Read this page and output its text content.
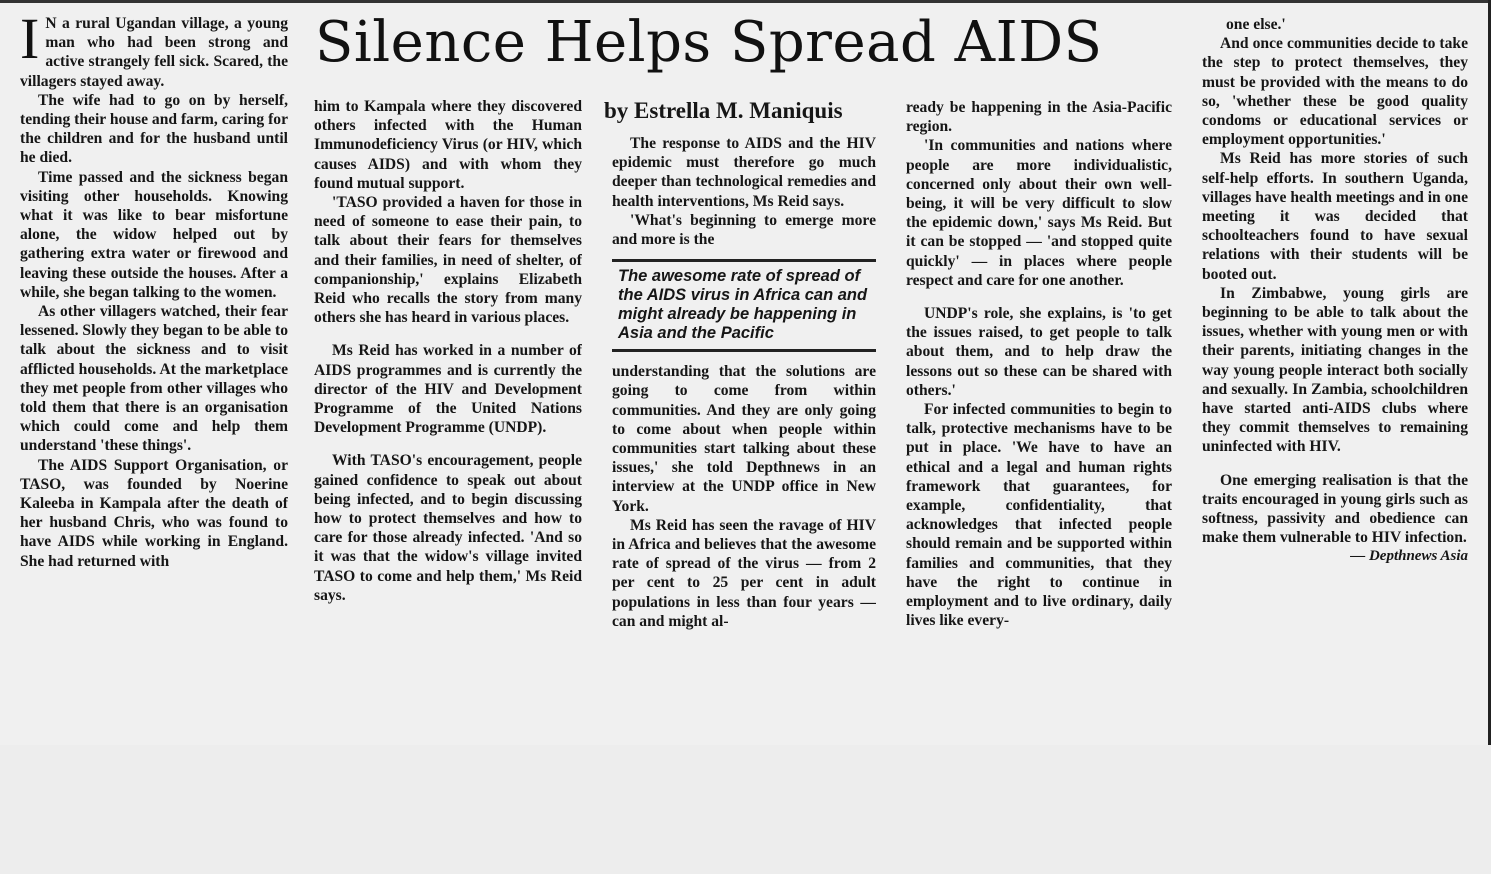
Silence Helps Spread AIDS

I N a rural Ugandan village, a young man who had been strong and active strangely fell sick. Scared, the villagers stayed away.

The wife had to go on by herself, tending their house and farm, caring for the children and for the husband until he died.

Time passed and the sickness began visiting other households. Knowing what it was like to bear misfortune alone, the widow helped out by gathering extra water or firewood and leaving these outside the houses. After a while, she began talking to the women.

As other villagers watched, their fear lessened. Slowly they began to be able to talk about the sickness and to visit afflicted households. At the marketplace they met people from other villages who told them that there is an organisation which could come and help them understand 'these things'.

The AIDS Support Organisation, or TASO, was founded by Noerine Kaleeba in Kampala after the death of her husband Chris, who was found to have AIDS while working in England. She had returned with

him to Kampala where they discovered others infected with the Human Immunodeficiency Virus (or HIV, which causes AIDS) and with whom they found mutual support.

'TASO provided a haven for those in need of someone to ease their pain, to talk about their fears for themselves and their families, in need of shelter, of companionship,' explains Elizabeth Reid who recalls the story from many others she has heard in various places.

Ms Reid has worked in a number of AIDS programmes and is currently the director of the HIV and Development Programme of the United Nations Development Programme (UNDP).

With TASO's encouragement, people gained confidence to speak out about being infected, and to begin discussing how to protect themselves and how to care for those already infected. 'And so it was that the widow's village invited TASO to come and help them,' Ms Reid says.

by Estrella M. Maniquis

The response to AIDS and the HIV epidemic must therefore go much deeper than technological remedies and health interventions, Ms Reid says.

'What's beginning to emerge more and more is the

The awesome rate of spread of the AIDS virus in Africa can and might already be happening in Asia and the Pacific

understanding that the solutions are going to come from within communities. And they are only going to come about when people within communities start talking about these issues,' she told Depthnews in an interview at the UNDP office in New York.

Ms Reid has seen the ravage of HIV in Africa and believes that the awesome rate of spread of the virus — from 2 per cent to 25 per cent in adult populations in less than four years — can and might al-

ready be happening in the Asia-Pacific region.

'In communities and nations where people are more individualistic, concerned only about their own well-being, it will be very difficult to slow the epidemic down,' says Ms Reid. But it can be stopped — 'and stopped quite quickly' — in places where people respect and care for one another.

UNDP's role, she explains, is 'to get the issues raised, to get people to talk about them, and to help draw the lessons out so these can be shared with others.'

For infected communities to begin to talk, protective mechanisms have to be put in place. 'We have to have an ethical and a legal and human rights framework that guarantees, for example, confidentiality, that acknowledges that infected people should remain and be supported within families and communities, that they have the right to continue in employment and to live ordinary, daily lives like every-

one else.'

And once communities decide to take the step to protect themselves, they must be provided with the means to do so, 'whether these be good quality condoms or educational services or employment opportunities.'

Ms Reid has more stories of such self-help efforts. In southern Uganda, villages have health meetings and in one meeting it was decided that schoolteachers found to have sexual relations with their students will be booted out.

In Zimbabwe, young girls are beginning to be able to talk about the issues, whether with young men or with their parents, initiating changes in the way young people interact both socially and sexually. In Zambia, schoolchildren have started anti-AIDS clubs where they commit themselves to remaining uninfected with HIV.

One emerging realisation is that the traits encouraged in young girls such as softness, passivity and obedience can make them vulnerable to HIV infection.

— Depthnews Asia
